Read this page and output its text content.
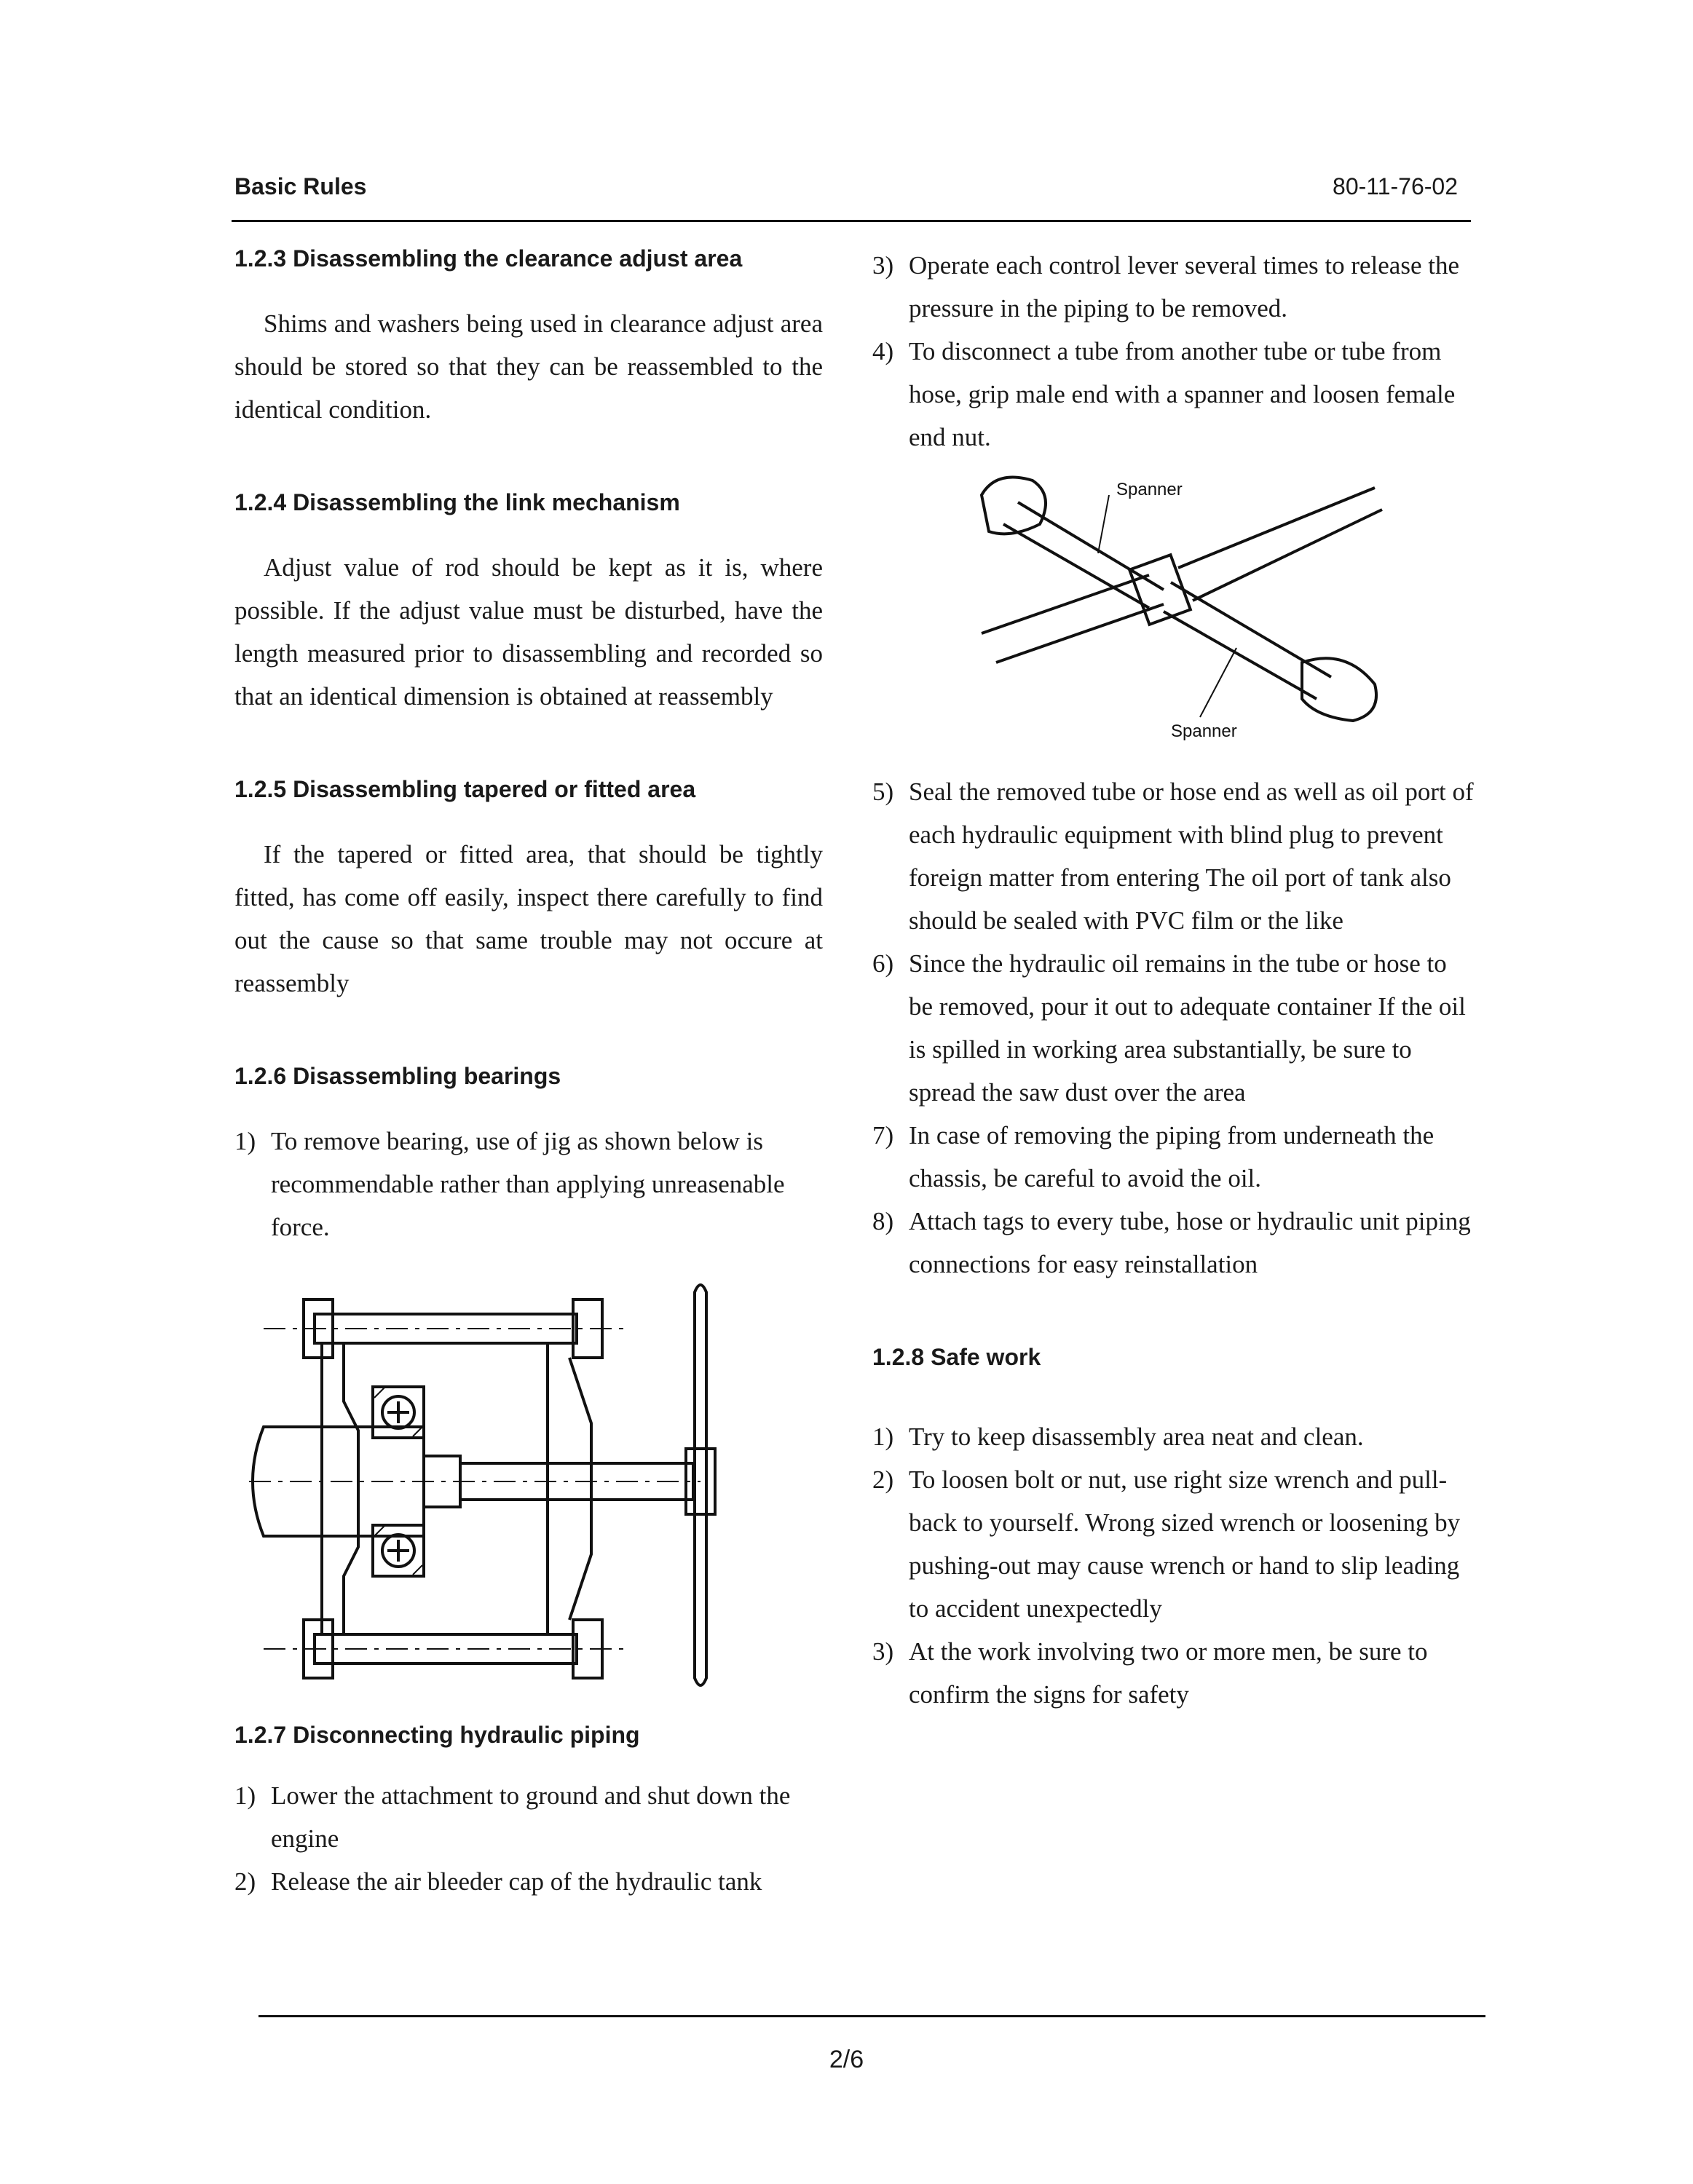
Basic Rules	80-11-76-02
1.2.3 Disassembling the clearance adjust area

Shims and washers being used in clearance adjust area should be stored so that they can be reassembled to the identical condition.

1.2.4 Disassembling the link mechanism

Adjust value of rod should be kept as it is, where possible. If the adjust value must be disturbed, have the length measured prior to disassembling and recorded so that an identical dimension is obtained at reassembly

1.2.5 Disassembling tapered or fitted area

If the tapered or fitted area, that should be tightly fitted, has come off easily, inspect there carefully to find out the cause so that same trouble may not occure at reassembly

1.2.6 Disassembling bearings
1) To remove bearing, use of jig as shown below is recommendable rather than applying unreasenable force.
1.2.7 Disconnecting hydraulic piping
1) Lower the attachment to ground and shut down the engine
2) Release the air bleeder cap of the hydraulic tank
3) Operate each control lever several times to release the pressure in the piping to be removed.
4) To disconnect a tube from another tube or tube from hose, grip male end with a spanner and loosen female end nut.
Spanner
Spanner
5) Seal the removed tube or hose end as well as oil port of each hydraulic equipment with blind plug to prevent foreign matter from entering The oil port of tank also should be sealed with PVC film or the like
6) Since the hydraulic oil remains in the tube or hose to be removed, pour it out to adequate container If the oil is spilled in working area substantially, be sure to spread the saw dust over the area
7) In case of removing the piping from underneath the chassis, be careful to avoid the oil.
8) Attach tags to every tube, hose or hydraulic unit piping connections for easy reinstallation
1.2.8 Safe work
1) Try to keep disassembly area neat and clean.
2) To loosen bolt or nut, use right size wrench and pull-back to yourself. Wrong sized wrench or loosening by pushing-out may cause wrench or hand to slip leading to accident unexpectedly
3) At the work involving two or more men, be sure to confirm the signs for safety
2/6
